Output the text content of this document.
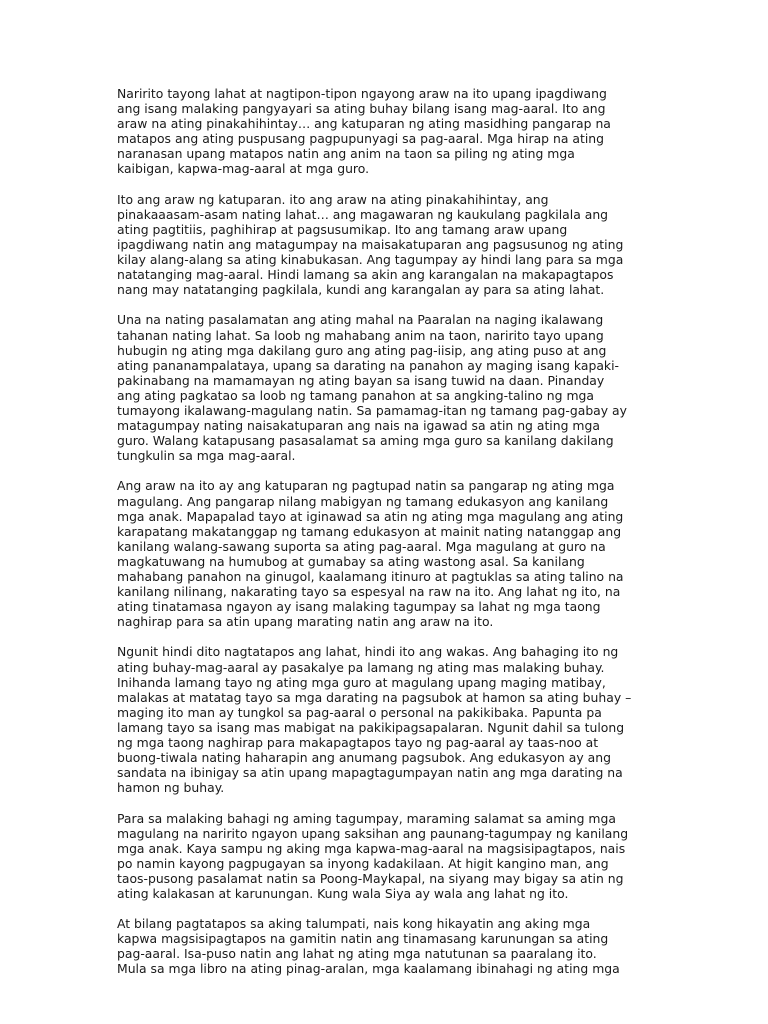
Naririto tayong lahat at nagtipon-tipon ngayong araw na ito upang ipagdiwang
ang isang malaking pangyayari sa ating buhay bilang isang mag-aaral. Ito ang
araw na ating pinakahihintay… ang katuparan ng ating masidhing pangarap na
matapos ang ating puspusang pagpupunyagi sa pag-aaral. Mga hirap na ating
naranasan upang matapos natin ang anim na taon sa piling ng ating mga
kaibigan, kapwa-mag-aaral at mga guro.

Ito ang araw ng katuparan. ito ang araw na ating pinakahihintay, ang
pinakaaasam-asam nating lahat… ang magawaran ng kaukulang pagkilala ang
ating pagtitiis, paghihirap at pagsusumikap. Ito ang tamang araw upang
ipagdiwang natin ang matagumpay na maisakatuparan ang pagsusunog ng ating
kilay alang-alang sa ating kinabukasan. Ang tagumpay ay hindi lang para sa mga
natatanging mag-aaral. Hindi lamang sa akin ang karangalan na makapagtapos
nang may natatanging pagkilala, kundi ang karangalan ay para sa ating lahat.

Una na nating pasalamatan ang ating mahal na Paaralan na naging ikalawang
tahanan nating lahat. Sa loob ng mahabang anim na taon, naririto tayo upang
hubugin ng ating mga dakilang guro ang ating pag-iisip, ang ating puso at ang
ating pananampalataya, upang sa darating na panahon ay maging isang kapaki-
pakinabang na mamamayan ng ating bayan sa isang tuwid na daan. Pinanday
ang ating pagkatao sa loob ng tamang panahon at sa angking-talino ng mga
tumayong ikalawang-magulang natin. Sa pamamag-itan ng tamang pag-gabay ay
matagumpay nating naisakatuparan ang nais na igawad sa atin ng ating mga
guro. Walang katapusang pasasalamat sa aming mga guro sa kanilang dakilang
tungkulin sa mga mag-aaral.

Ang araw na ito ay ang katuparan ng pagtupad natin sa pangarap ng ating mga
magulang. Ang pangarap nilang mabigyan ng tamang edukasyon ang kanilang
mga anak. Mapapalad tayo at iginawad sa atin ng ating mga magulang ang ating
karapatang makatanggap ng tamang edukasyon at mainit nating natanggap ang
kanilang walang-sawang suporta sa ating pag-aaral. Mga magulang at guro na
magkatuwang na humubog at gumabay sa ating wastong asal. Sa kanilang
mahabang panahon na ginugol, kaalamang itinuro at pagtuklas sa ating talino na
kanilang nilinang, nakarating tayo sa espesyal na raw na ito. Ang lahat ng ito, na
ating tinatamasa ngayon ay isang malaking tagumpay sa lahat ng mga taong
naghirap para sa atin upang marating natin ang araw na ito.

Ngunit hindi dito nagtatapos ang lahat, hindi ito ang wakas. Ang bahaging ito ng
ating buhay-mag-aaral ay pasakalye pa lamang ng ating mas malaking buhay.
Inihanda lamang tayo ng ating mga guro at magulang upang maging matibay,
malakas at matatag tayo sa mga darating na pagsubok at hamon sa ating buhay –
maging ito man ay tungkol sa pag-aaral o personal na pakikibaka. Papunta pa
lamang tayo sa isang mas mabigat na pakikipagsapalaran. Ngunit dahil sa tulong
ng mga taong naghirap para makapagtapos tayo ng pag-aaral ay taas-noo at
buong-tiwala nating haharapin ang anumang pagsubok. Ang edukasyon ay ang
sandata na ibinigay sa atin upang mapagtagumpayan natin ang mga darating na
hamon ng buhay.

Para sa malaking bahagi ng aming tagumpay, maraming salamat sa aming mga
magulang na naririto ngayon upang saksihan ang paunang-tagumpay ng kanilang
mga anak. Kaya sampu ng aking mga kapwa-mag-aaral na magsisipagtapos, nais
po namin kayong pagpugayan sa inyong kadakilaan. At higit kangino man, ang
taos-pusong pasalamat natin sa Poong-Maykapal, na siyang may bigay sa atin ng
ating kalakasan at karunungan. Kung wala Siya ay wala ang lahat ng ito.

At bilang pagtatapos sa aking talumpati, nais kong hikayatin ang aking mga
kapwa magsisipagtapos na gamitin natin ang tinamasang karunungan sa ating
pag-aaral. Isa-puso natin ang lahat ng ating mga natutunan sa paaralang ito.
Mula sa mga libro na ating pinag-aralan, mga kaalamang ibinahagi ng ating mga
